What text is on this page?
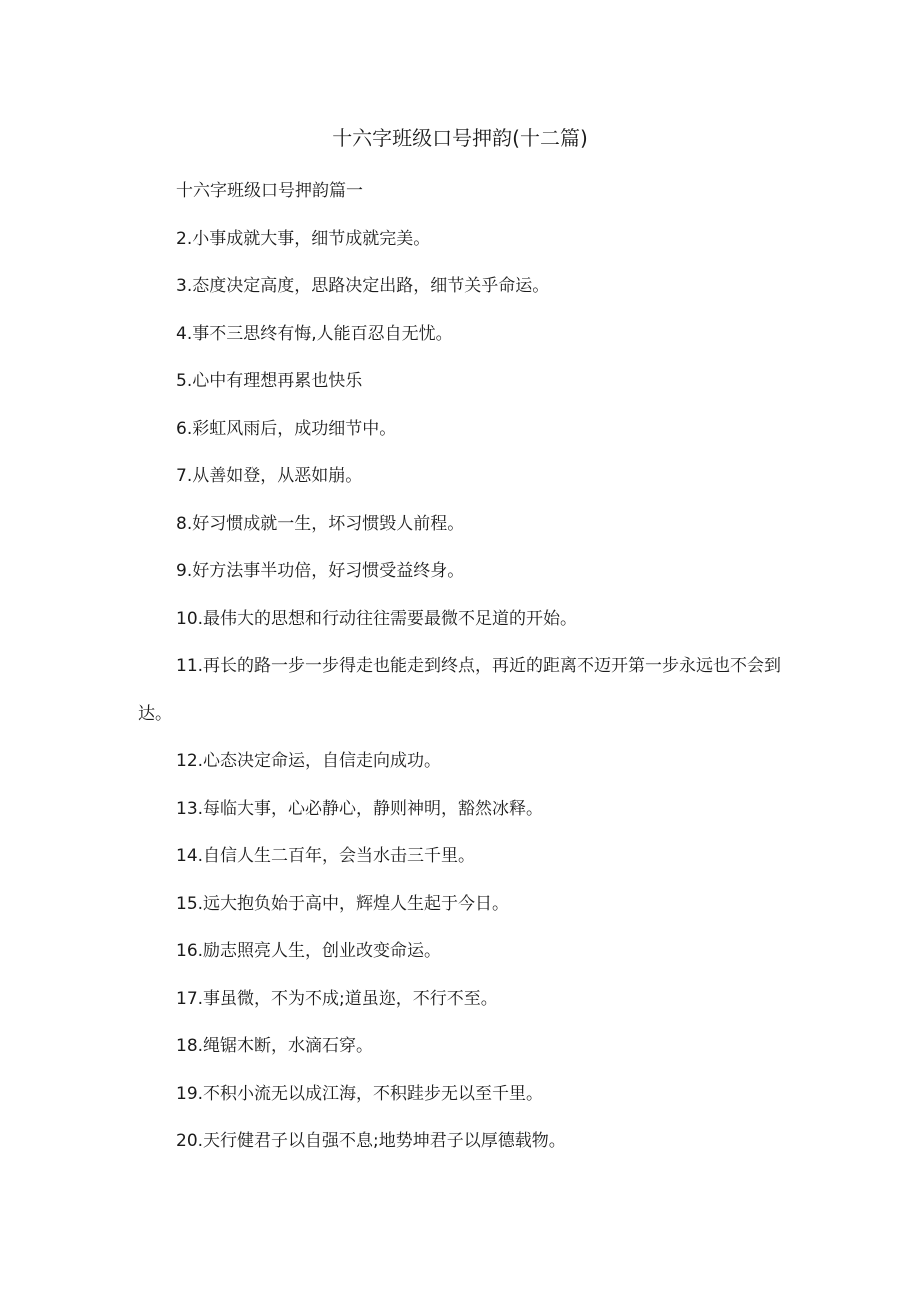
十六字班级口号押韵(十二篇)

十六字班级口号押韵篇一

2.小事成就大事，细节成就完美。

3.态度决定高度，思路决定出路，细节关乎命运。

4.事不三思终有悔,人能百忍自无忧。

5.心中有理想再累也快乐

6.彩虹风雨后，成功细节中。

7.从善如登，从恶如崩。

8.好习惯成就一生，坏习惯毁人前程。

9.好方法事半功倍，好习惯受益终身。

10.最伟大的思想和行动往往需要最微不足道的开始。

11.再长的路一步一步得走也能走到终点，再近的距离不迈开第一步永远也不会到达。

12.心态决定命运，自信走向成功。

13.每临大事，心必静心，静则神明，豁然冰释。

14.自信人生二百年，会当水击三千里。

15.远大抱负始于高中，辉煌人生起于今日。

16.励志照亮人生，创业改变命运。

17.事虽微，不为不成;道虽迩，不行不至。

18.绳锯木断，水滴石穿。

19.不积小流无以成江海，不积跬步无以至千里。

20.天行健君子以自强不息;地势坤君子以厚德载物。
